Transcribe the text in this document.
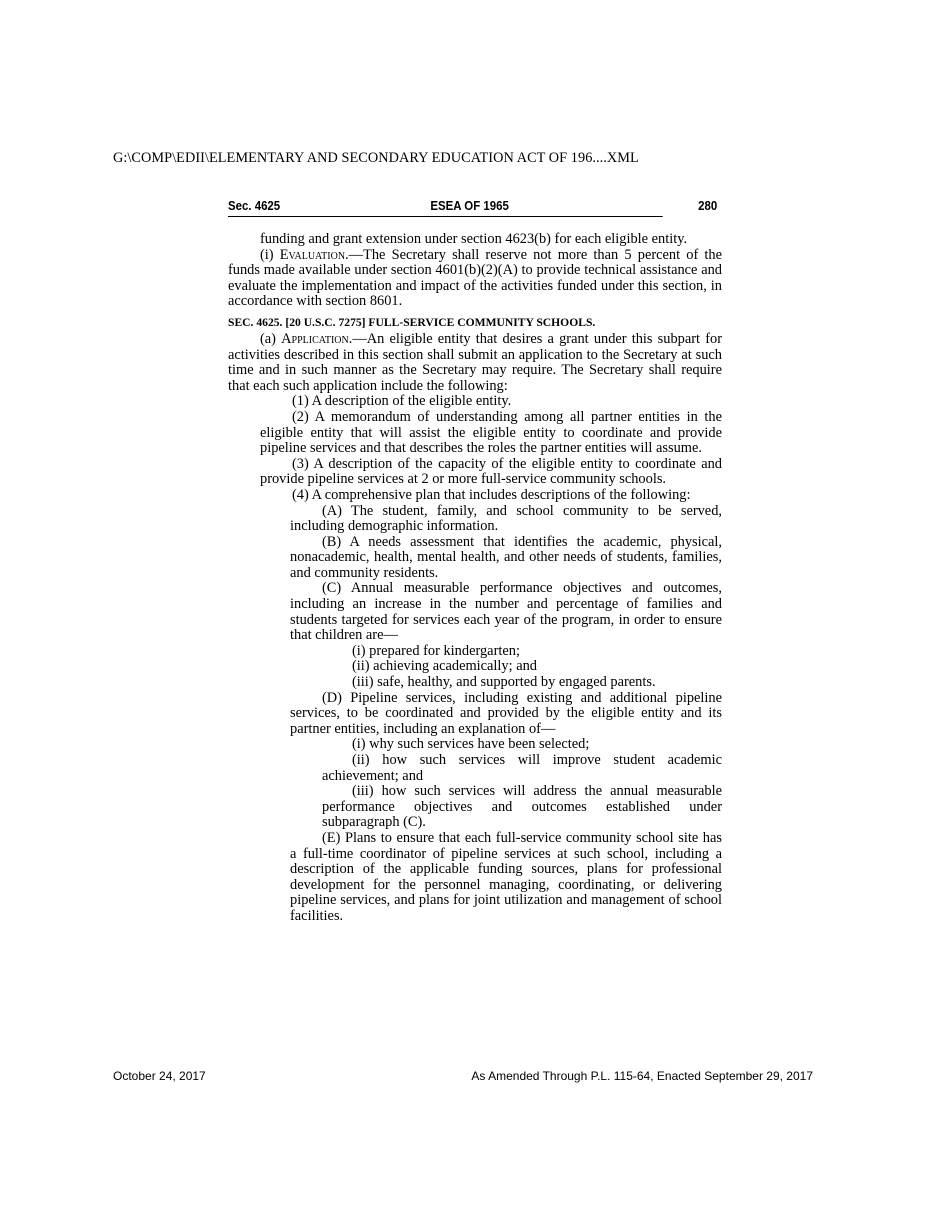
G:\COMP\EDII\ELEMENTARY AND SECONDARY EDUCATION ACT OF 196....XML
Sec. 4625	ESEA OF 1965	280

funding and grant extension under section 4623(b) for each eligible entity.

(i) Evaluation.—The Secretary shall reserve not more than 5 percent of the funds made available under section 4601(b)(2)(A) to provide technical assistance and evaluate the implementation and impact of the activities funded under this section, in accordance with section 8601.

SEC. 4625. [20 U.S.C. 7275] FULL-SERVICE COMMUNITY SCHOOLS.

(a) Application.—An eligible entity that desires a grant under this subpart for activities described in this section shall submit an application to the Secretary at such time and in such manner as the Secretary may require. The Secretary shall require that each such application include the following:

(1) A description of the eligible entity.

(2) A memorandum of understanding among all partner entities in the eligible entity that will assist the eligible entity to coordinate and provide pipeline services and that describes the roles the partner entities will assume.

(3) A description of the capacity of the eligible entity to coordinate and provide pipeline services at 2 or more full-service community schools.

(4) A comprehensive plan that includes descriptions of the following:

(A) The student, family, and school community to be served, including demographic information.

(B) A needs assessment that identifies the academic, physical, nonacademic, health, mental health, and other needs of students, families, and community residents.

(C) Annual measurable performance objectives and outcomes, including an increase in the number and percentage of families and students targeted for services each year of the program, in order to ensure that children are—

(i) prepared for kindergarten;

(ii) achieving academically; and

(iii) safe, healthy, and supported by engaged parents.

(D) Pipeline services, including existing and additional pipeline services, to be coordinated and provided by the eligible entity and its partner entities, including an explanation of—

(i) why such services have been selected;

(ii) how such services will improve student academic achievement; and

(iii) how such services will address the annual measurable performance objectives and outcomes established under subparagraph (C).

(E) Plans to ensure that each full-service community school site has a full-time coordinator of pipeline services at such school, including a description of the applicable funding sources, plans for professional development for the personnel managing, coordinating, or delivering pipeline services, and plans for joint utilization and management of school facilities.

October 24, 2017	As Amended Through P.L. 115-64, Enacted September 29, 2017
